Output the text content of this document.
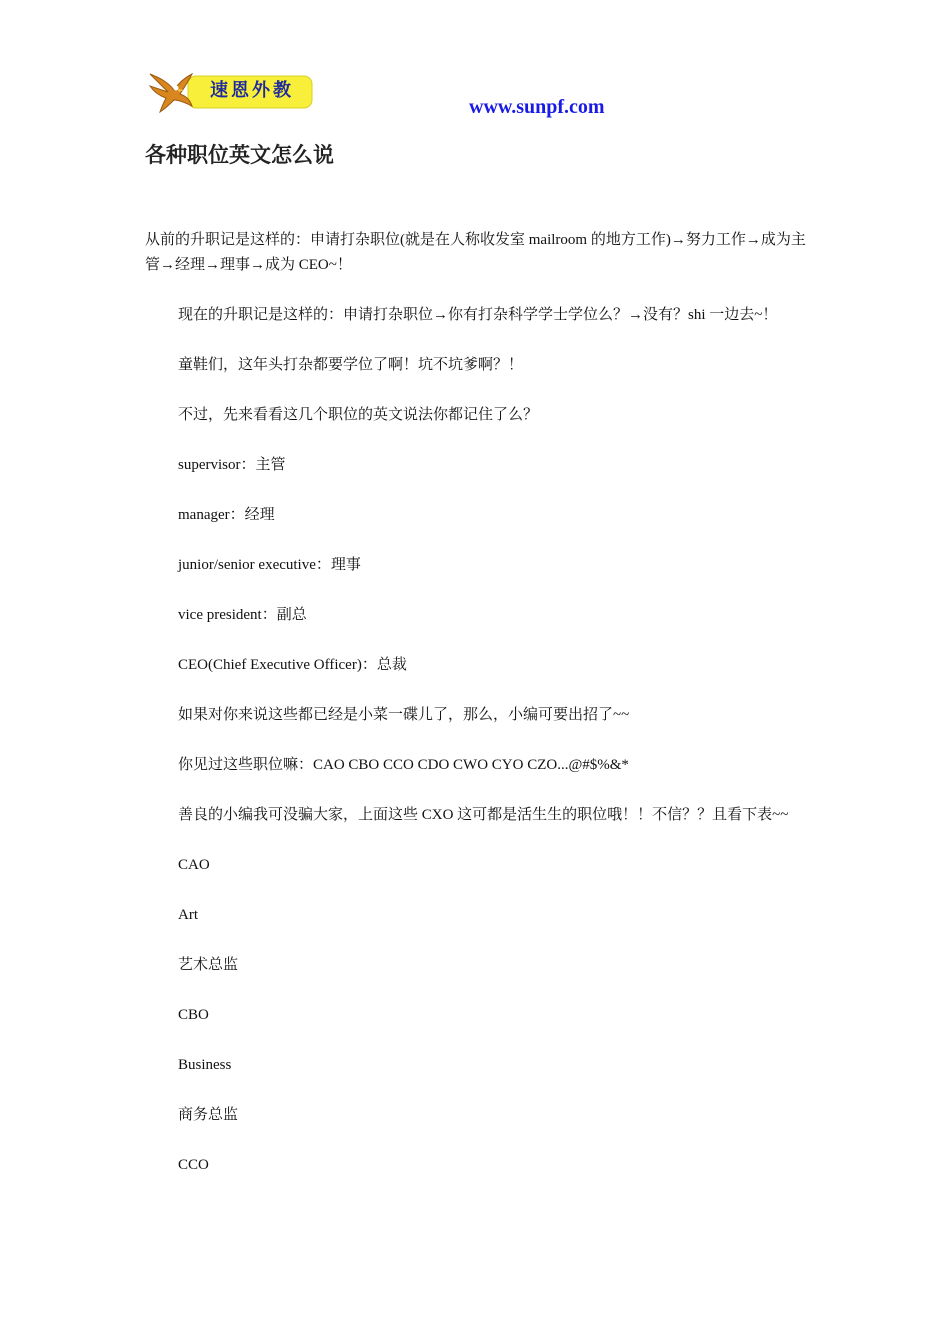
速恩外教
www.sunpf.com
各种职位英文怎么说

从前的升职记是这样的：申请打杂职位(就是在人称收发室 mailroom 的地方工作)→努力工作→成为主管→经理→理事→成为 CEO~！

现在的升职记是这样的：申请打杂职位→你有打杂科学学士学位么？→没有？shi 一边去~！

童鞋们，这年头打杂都要学位了啊！坑不坑爹啊？！

不过，先来看看这几个职位的英文说法你都记住了么？

supervisor：主管

manager：经理

junior/senior executive：理事

vice president：副总

CEO(Chief Executive Officer)：总裁

如果对你来说这些都已经是小菜一碟儿了，那么，小编可要出招了~~

你见过这些职位嘛：CAO CBO CCO CDO CWO CYO CZO...@#$%&*

善良的小编我可没骗大家，上面这些 CXO 这可都是活生生的职位哦！！不信？？且看下表~~

CAO

Art

艺术总监

CBO

Business

商务总监

CCO
